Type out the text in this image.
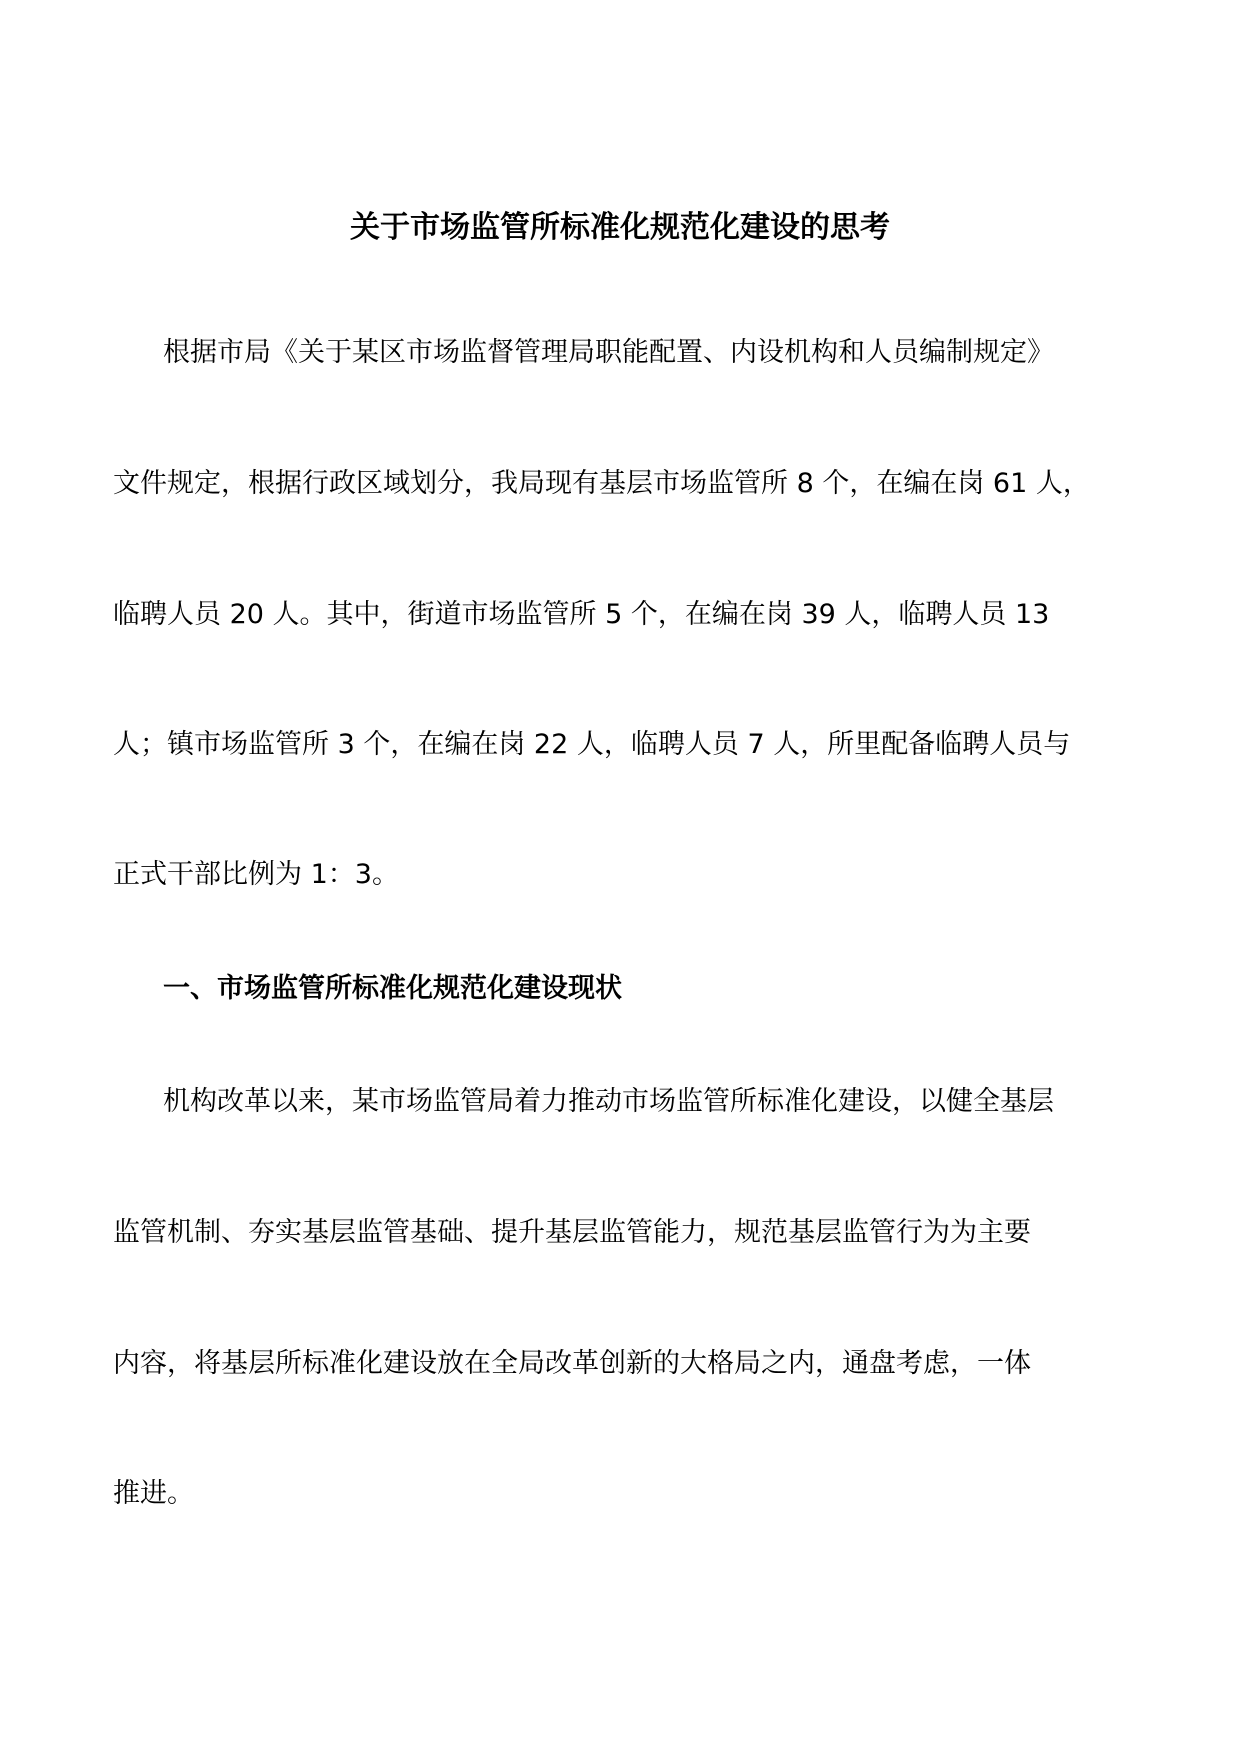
关于市场监管所标准化规范化建设的思考
根据市局《关于某区市场监督管理局职能配置、内设机构和人员编制规定》
文件规定，根据行政区域划分，我局现有基层市场监管所 8 个，在编在岗 61 人，
临聘人员 20 人。其中，街道市场监管所 5 个，在编在岗 39 人，临聘人员 13
人；镇市场监管所 3 个，在编在岗 22 人，临聘人员 7 人，所里配备临聘人员与
正式干部比例为 1：3。
一、市场监管所标准化规范化建设现状
机构改革以来，某市场监管局着力推动市场监管所标准化建设，以健全基层
监管机制、夯实基层监管基础、提升基层监管能力，规范基层监管行为为主要
内容，将基层所标准化建设放在全局改革创新的大格局之内，通盘考虑，一体
推进。
